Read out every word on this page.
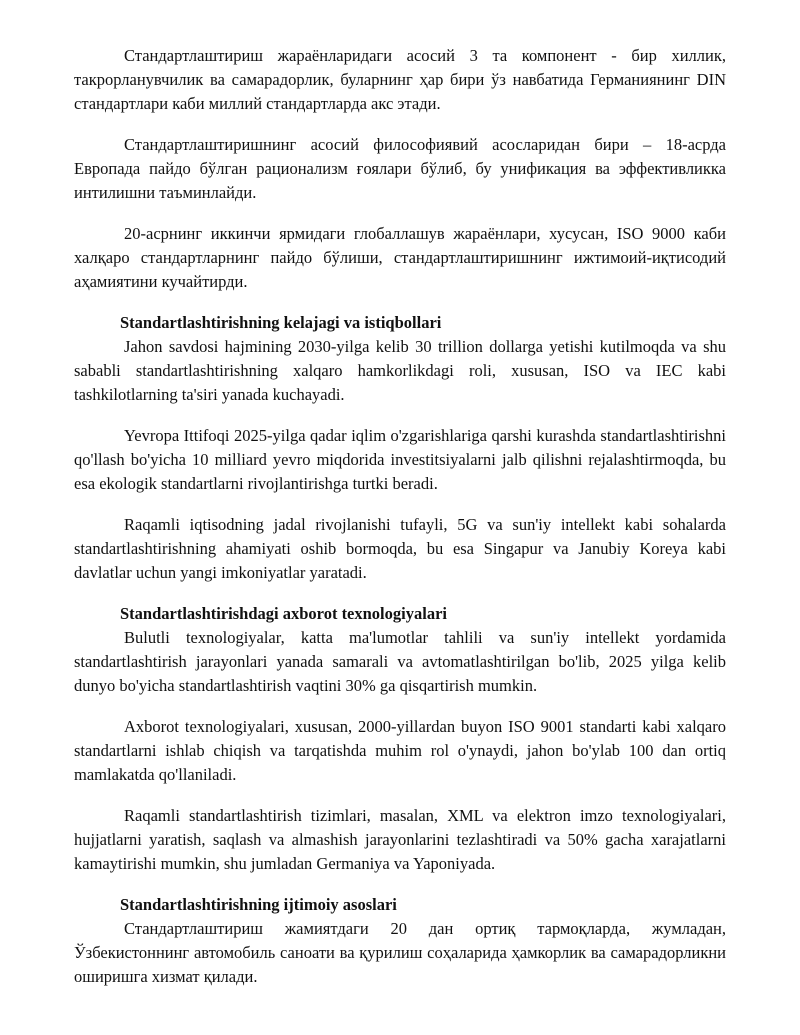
Стандартлаштириш жараёнларидаги асосий 3 та компонент - бир хиллик, такрорланувчилик ва самарадорлик, буларнинг ҳар бири ўз навбатида Германиянинг DIN стандартлари каби миллий стандартларда акс этади.

Стандартлаштиришнинг асосий философиявий асосларидан бири – 18-асрда Европада пайдо бўлган рационализм ғоялари бўлиб, бу унификация ва эффективликка интилишни таъминлайди.

20-асрнинг иккинчи ярмидаги глобаллашув жараёнлари, хусусан, ISO 9000 каби халқаро стандартларнинг пайдо бўлиши, стандартлаштиришнинг ижтимоий-иқтисодий аҳамиятини кучайтирди.

Standartlashtirishning kelajagi va istiqbollari

Jahon savdosi hajmining 2030-yilga kelib 30 trillion dollarga yetishi kutilmoqda va shu sababli standartlashtirishning xalqaro hamkorlikdagi roli, xususan, ISO va IEC kabi tashkilotlarning ta'siri yanada kuchayadi.

Yevropa Ittifoqi 2025-yilga qadar iqlim o'zgarishlariga qarshi kurashda standartlashtirishni qo'llash bo'yicha 10 milliard yevro miqdorida investitsiyalarni jalb qilishni rejalashtirmoqda, bu esa ekologik standartlarni rivojlantirishga turtki beradi.

Raqamli iqtisodning jadal rivojlanishi tufayli, 5G va sun'iy intellekt kabi sohalarda standartlashtirishning ahamiyati oshib bormoqda, bu esa Singapur va Janubiy Koreya kabi davlatlar uchun yangi imkoniyatlar yaratadi.

Standartlashtirishdagi axborot texnologiyalari

Bulutli texnologiyalar, katta ma'lumotlar tahlili va sun'iy intellekt yordamida standartlashtirish jarayonlari yanada samarali va avtomatlashtirilgan bo'lib, 2025 yilga kelib dunyo bo'yicha standartlashtirish vaqtini 30% ga qisqartirish mumkin.

Axborot texnologiyalari, xususan, 2000-yillardan buyon ISO 9001 standarti kabi xalqaro standartlarni ishlab chiqish va tarqatishda muhim rol o'ynaydi, jahon bo'ylab 100 dan ortiq mamlakatda qo'llaniladi.

Raqamli standartlashtirish tizimlari, masalan, XML va elektron imzo texnologiyalari, hujjatlarni yaratish, saqlash va almashish jarayonlarini tezlashtiradi va 50% gacha xarajatlarni kamaytirishi mumkin, shu jumladan Germaniya va Yaponiyada.

Standartlashtirishning ijtimoiy asoslari

Стандартлаштириш жамиятдаги 20 дан ортиқ тармоқларда, жумладан, Ўзбекистоннинг автомобиль саноати ва қурилиш соҳаларида ҳамкорлик ва самарадорликни оширишга хизмат қилади.
